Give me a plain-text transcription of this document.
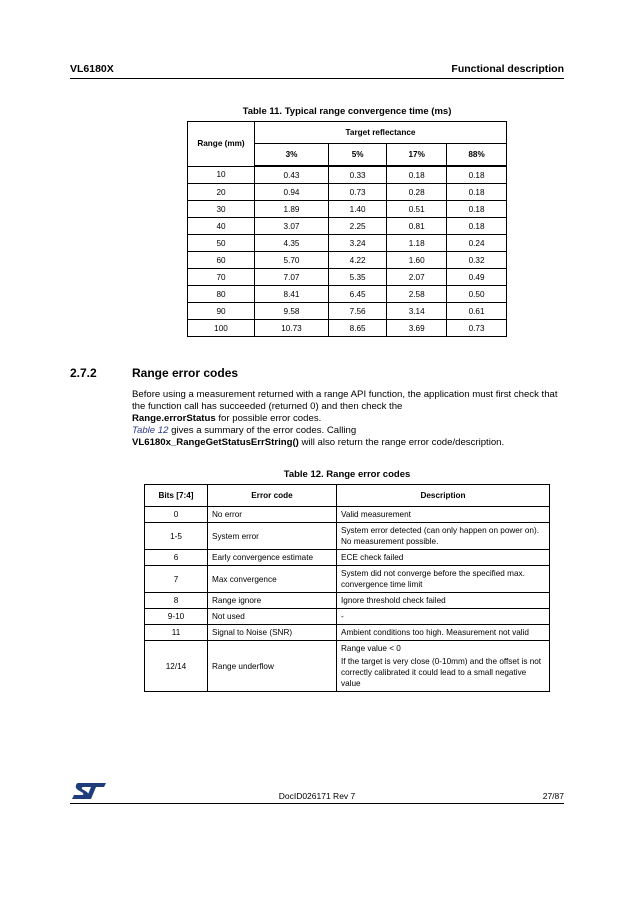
VL6180X	Functional description
Table 11. Typical range convergence time (ms)
Range (mm)	Target reflectance			
	3%	5%	17%	88%
10	0.43	0.33	0.18	0.18
20	0.94	0.73	0.28	0.18
30	1.89	1.40	0.51	0.18
40	3.07	2.25	0.81	0.18
50	4.35	3.24	1.18	0.24
60	5.70	4.22	1.60	0.32
70	7.07	5.35	2.07	0.49
80	8.41	6.45	2.58	0.50
90	9.58	7.56	3.14	0.61
100	10.73	8.65	3.69	0.73
2.7.2	Range error codes
Before using a measurement returned with a range API function, the application must first check that the function call has succeeded (returned 0) and then check the
Range.errorStatus for possible error codes.
Table 12 gives a summary of the error codes. Calling
VL6180x_RangeGetStatusErrString() will also return the range error code/description.
Table 12. Range error codes
Bits [7:4]	Error code	Description
0	No error	Valid measurement

1-5	System error	System error detected (can only happen on power on). No measurement possible.

6	Early convergence estimate	ECE check failed

7	Max convergence	System did not converge before the specified max. convergence time limit

8	Range ignore	Ignore threshold check failed

9-10	Not used	-

11	Signal to Noise (SNR)	Ambient conditions too high. Measurement not valid

12/14	Range underflow	Range value < 0
If the target is very close (0-10mm) and the offset is not correctly calibrated it could lead to a small negative value
DocID026171 Rev 7	27/87
